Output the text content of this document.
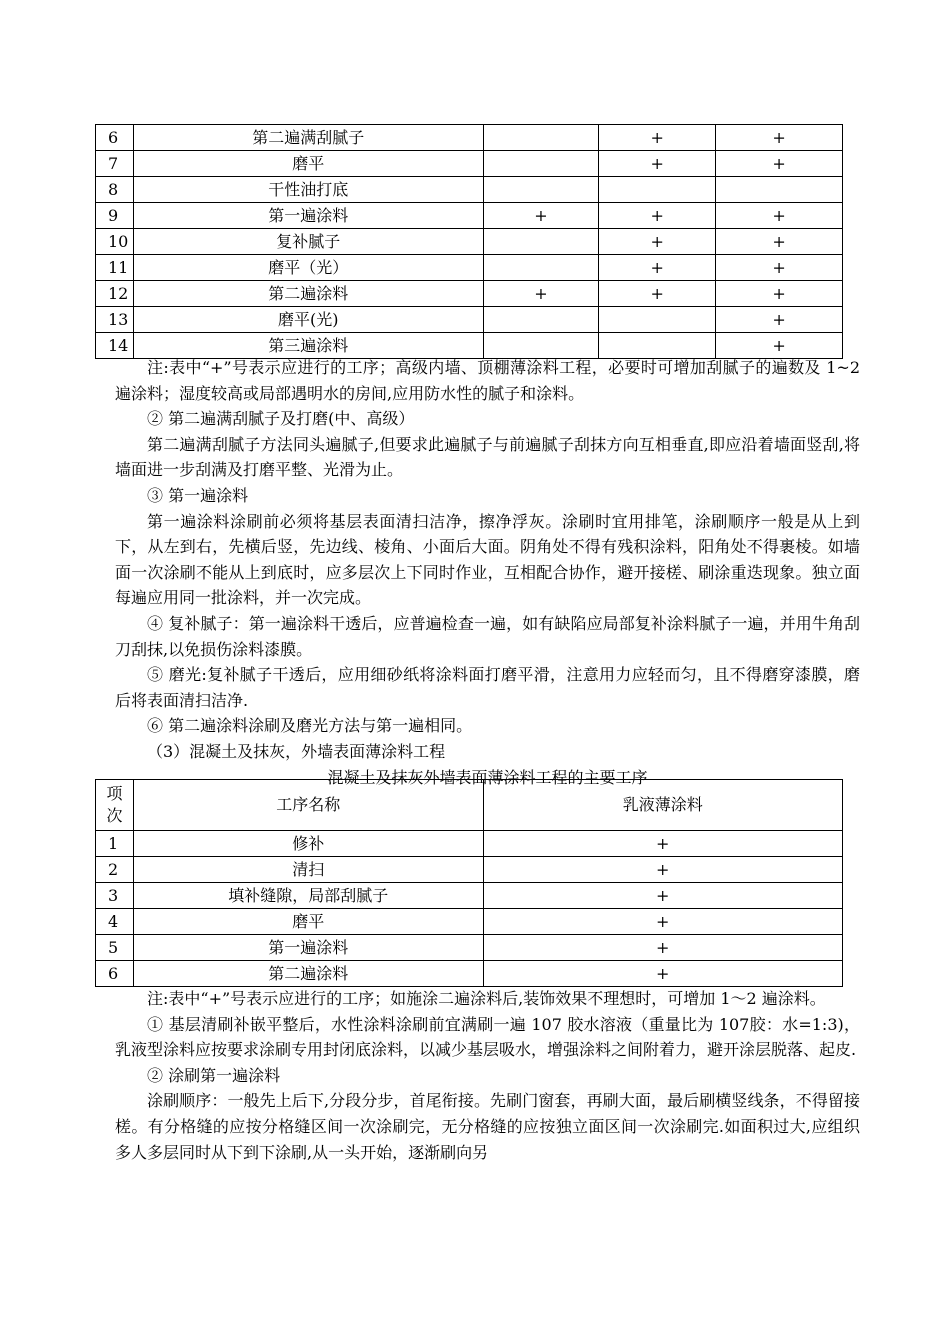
6	第二遍满刮腻子		+	+
7	磨平		+	+
8	干性油打底			
9	第一遍涂料	+	+	+
10	复补腻子		+	+
11	磨平（光）		+	+
12	第二遍涂料	+	+	+
13	磨平(光)			+
14	第三遍涂料			+

注:表中“+”号表示应进行的工序；高级内墙、顶棚薄涂料工程，必要时可增加刮腻子的遍数及 1~2 遍涂料；湿度较高或局部遇明水的房间,应用防水性的腻子和涂料。

② 第二遍满刮腻子及打磨(中、高级）

第二遍满刮腻子方法同头遍腻子,但要求此遍腻子与前遍腻子刮抹方向互相垂直,即应沿着墙面竖刮,将墙面进一步刮满及打磨平整、光滑为止。

③ 第一遍涂料

第一遍涂料涂刷前必须将基层表面清扫洁净，擦净浮灰。涂刷时宜用排笔，涂刷顺序一般是从上到下，从左到右，先横后竖，先边线、棱角、小面后大面。阴角处不得有残积涂料，阳角处不得裹棱。如墙面一次涂刷不能从上到底时，应多层次上下同时作业，互相配合协作，避开接槎、刷涂重迭现象。独立面每遍应用同一批涂料，并一次完成。

④ 复补腻子：第一遍涂料干透后，应普遍检查一遍，如有缺陷应局部复补涂料腻子一遍，并用牛角刮刀刮抹,以免损伤涂料漆膜。

⑤ 磨光:复补腻子干透后，应用细砂纸将涂料面打磨平滑，注意用力应轻而匀，且不得磨穿漆膜，磨后将表面清扫洁净.

⑥ 第二遍涂料涂刷及磨光方法与第一遍相同。

（3）混凝土及抹灰，外墙表面薄涂料工程

混凝土及抹灰外墙表面薄涂料工程的主要工序

项次	工序名称	乳液薄涂料
1	修补	+
2	清扫	+
3	填补缝隙，局部刮腻子	+
4	磨平	+
5	第一遍涂料	+
6	第二遍涂料	+

注:表中“+”号表示应进行的工序；如施涂二遍涂料后,装饰效果不理想时，可增加 1～2 遍涂料。

① 基层清刷补嵌平整后，水性涂料涂刷前宜满刷一遍 107 胶水溶液（重量比为 107胶：水=1:3)，乳液型涂料应按要求涂刷专用封闭底涂料，以减少基层吸水，增强涂料之间附着力，避开涂层脱落、起皮.

② 涂刷第一遍涂料

涂刷顺序：一般先上后下,分段分步，首尾衔接。先刷门窗套，再刷大面，最后刷横竖线条，不得留接槎。有分格缝的应按分格缝区间一次涂刷完，无分格缝的应按独立面区间一次涂刷完.如面积过大,应组织多人多层同时从下到下涂刷,从一头开始，逐渐刷向另
